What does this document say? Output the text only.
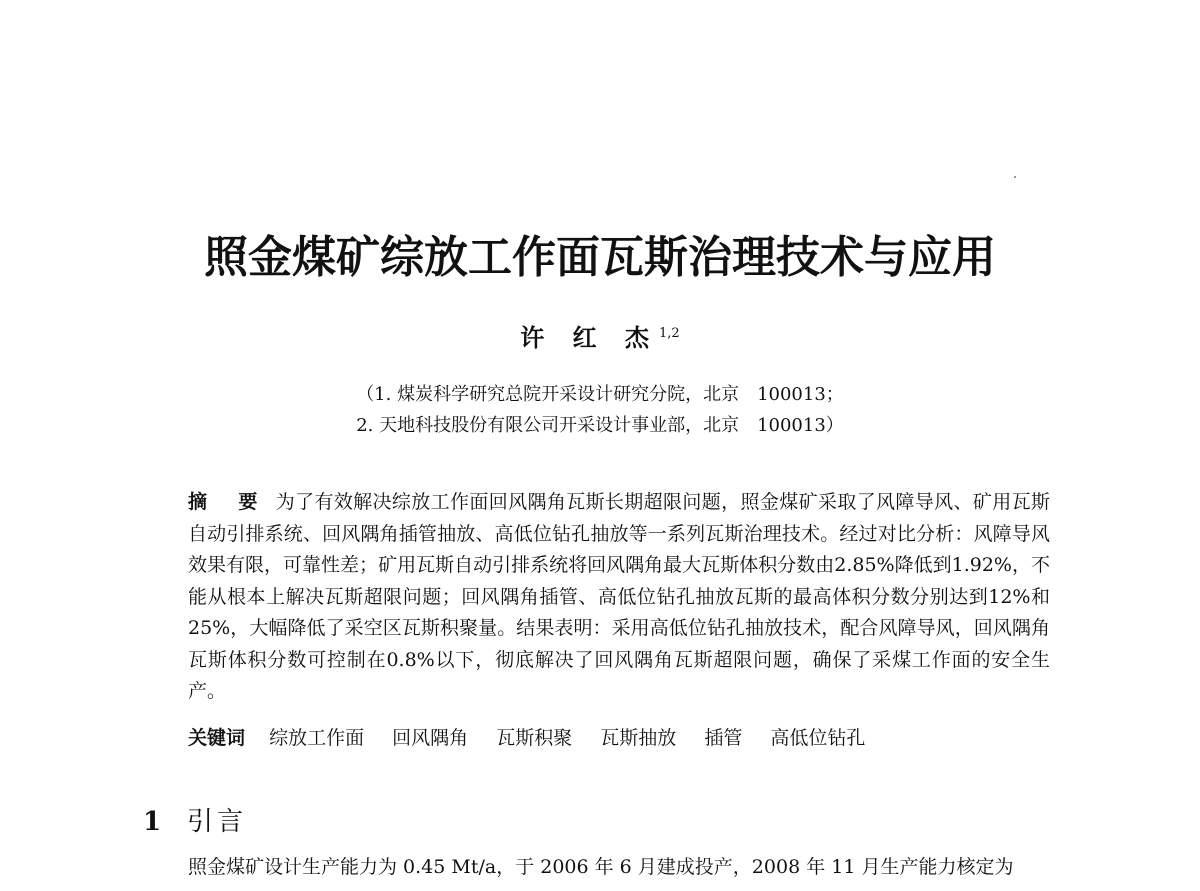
照金煤矿综放工作面瓦斯治理技术与应用
许 红 杰$^{1,2}$
（1. 煤炭科学研究总院开采设计研究分院，北京　100013；
2. 天地科技股份有限公司开采设计事业部，北京　100013）
摘 要 为了有效解决综放工作面回风隅角瓦斯长期超限问题，照金煤矿采取了风障导风、矿用瓦斯自动引排系统、回风隅角插管抽放、高低位钻孔抽放等一系列瓦斯治理技术。经过对比分析：风障导风效果有限，可靠性差；矿用瓦斯自动引排系统将回风隅角最大瓦斯体积分数由2.85%降低到1.92%，不能从根本上解决瓦斯超限问题；回风隅角插管、高低位钻孔抽放瓦斯的最高体积分数分别达到12%和25%，大幅降低了采空区瓦斯积聚量。结果表明：采用高低位钻孔抽放技术，配合风障导风，回风隅角瓦斯体积分数可控制在0.8%以下，彻底解决了回风隅角瓦斯超限问题，确保了采煤工作面的安全生产。
关键词 综放工作面 回风隅角 瓦斯积聚 瓦斯抽放 插管 高低位钻孔
1 引言
照金煤矿设计生产能力为 0.45 Mt/a，于 2006 年 6 月建成投产，2008 年 11 月生产能力核定为
